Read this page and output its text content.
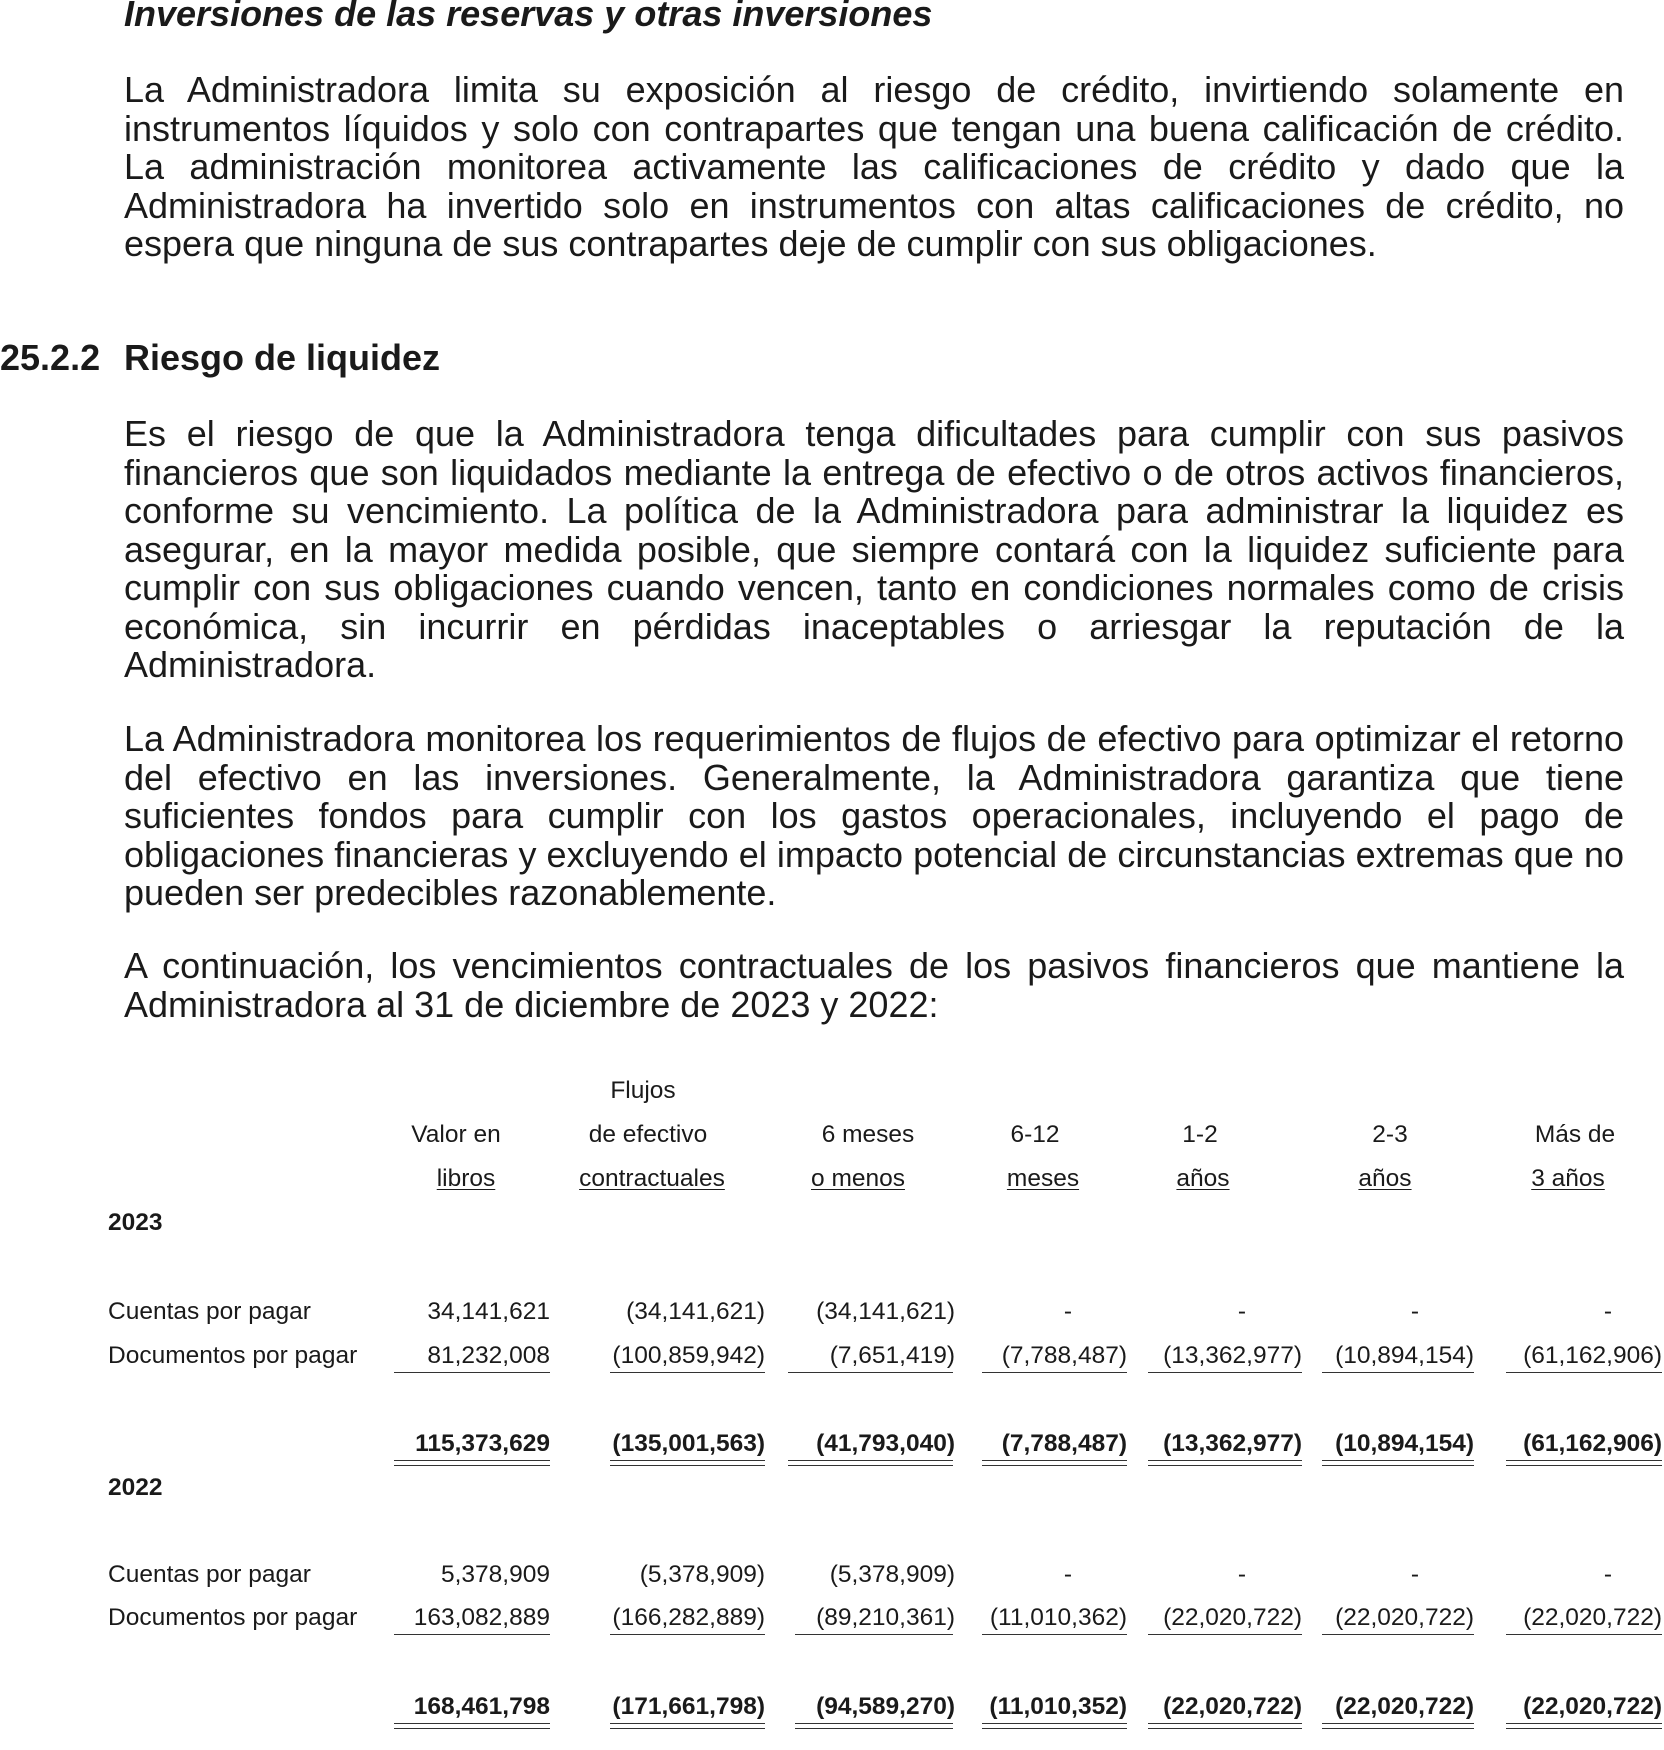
Inversiones de las reservas y otras inversiones

La Administradora limita su exposición al riesgo de crédito, invirtiendo solamente en instrumentos líquidos y solo con contrapartes que tengan una buena calificación de crédito. La administración monitorea activamente las calificaciones de crédito y dado que la Administradora ha invertido solo en instrumentos con altas calificaciones de crédito, no espera que ninguna de sus contrapartes deje de cumplir con sus obligaciones.

25.2.2 Riesgo de liquidez

Es el riesgo de que la Administradora tenga dificultades para cumplir con sus pasivos financieros que son liquidados mediante la entrega de efectivo o de otros activos financieros, conforme su vencimiento. La política de la Administradora para administrar la liquidez es asegurar, en la mayor medida posible, que siempre contará con la liquidez suficiente para cumplir con sus obligaciones cuando vencen, tanto en condiciones normales como de crisis económica, sin incurrir en pérdidas inaceptables o arriesgar la reputación de la Administradora.

La Administradora monitorea los requerimientos de flujos de efectivo para optimizar el retorno del efectivo en las inversiones. Generalmente, la Administradora garantiza que tiene suficientes fondos para cumplir con los gastos operacionales, incluyendo el pago de obligaciones financieras y excluyendo el impacto potencial de circunstancias extremas que no pueden ser predecibles razonablemente.

A continuación, los vencimientos contractuales de los pasivos financieros que mantiene la Administradora al 31 de diciembre de 2023 y 2022:

Flujos
Valor en	de efectivo	6 meses	6-12	1-2	2-3	Más de
libros	contractuales	o menos	meses	años	años	3 años
2023
Cuentas por pagar	34,141,621	(34,141,621)	(34,141,621)	-	-	-	-
Documentos por pagar	81,232,008	(100,859,942)	(7,651,419)	(7,788,487)	(13,362,977)	(10,894,154)	(61,162,906)
115,373,629	(135,001,563)	(41,793,040)	(7,788,487)	(13,362,977)	(10,894,154)	(61,162,906)
2022
Cuentas por pagar	5,378,909	(5,378,909)	(5,378,909)	-	-	-	-
Documentos por pagar	163,082,889	(166,282,889)	(89,210,361)	(11,010,362)	(22,020,722)	(22,020,722)	(22,020,722)
168,461,798	(171,661,798)	(94,589,270)	(11,010,352)	(22,020,722)	(22,020,722)	(22,020,722)
